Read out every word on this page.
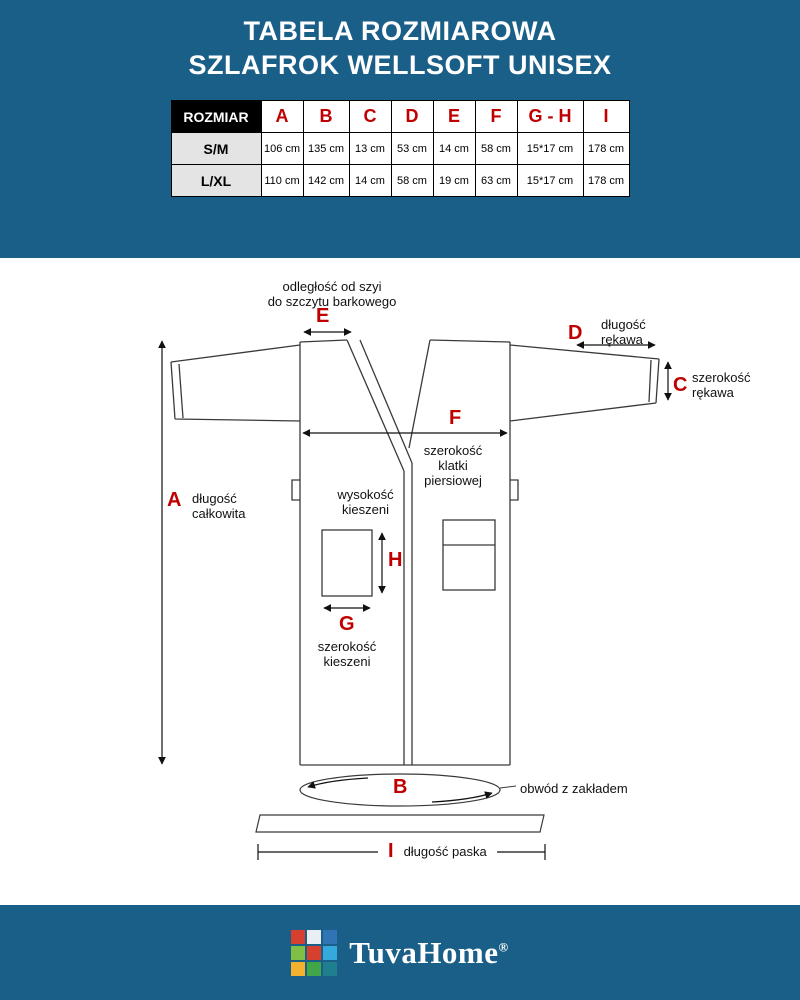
TABELA ROZMIAROWA
SZLAFROK WELLSOFT UNISEX
ROZMIAR	A	B	C	D	E	F	G - H	I
S/M	106 cm	135 cm	13 cm	53 cm	14 cm	58 cm	15*17 cm	178 cm
L/XL	110 cm	142 cm	14 cm	58 cm	19 cm	63 cm	15*17 cm	178 cm
A
B
C
D
E
F
G
H
długość
całkowita
obwód z zakładem
szerokość
rękawa
długość
rękawa
odległość od szyi
do szczytu barkowego
szerokość
klatki
piersiowej
szerokość
kieszeni
wysokość
kieszeni
I długość paska
TuvaHome®
